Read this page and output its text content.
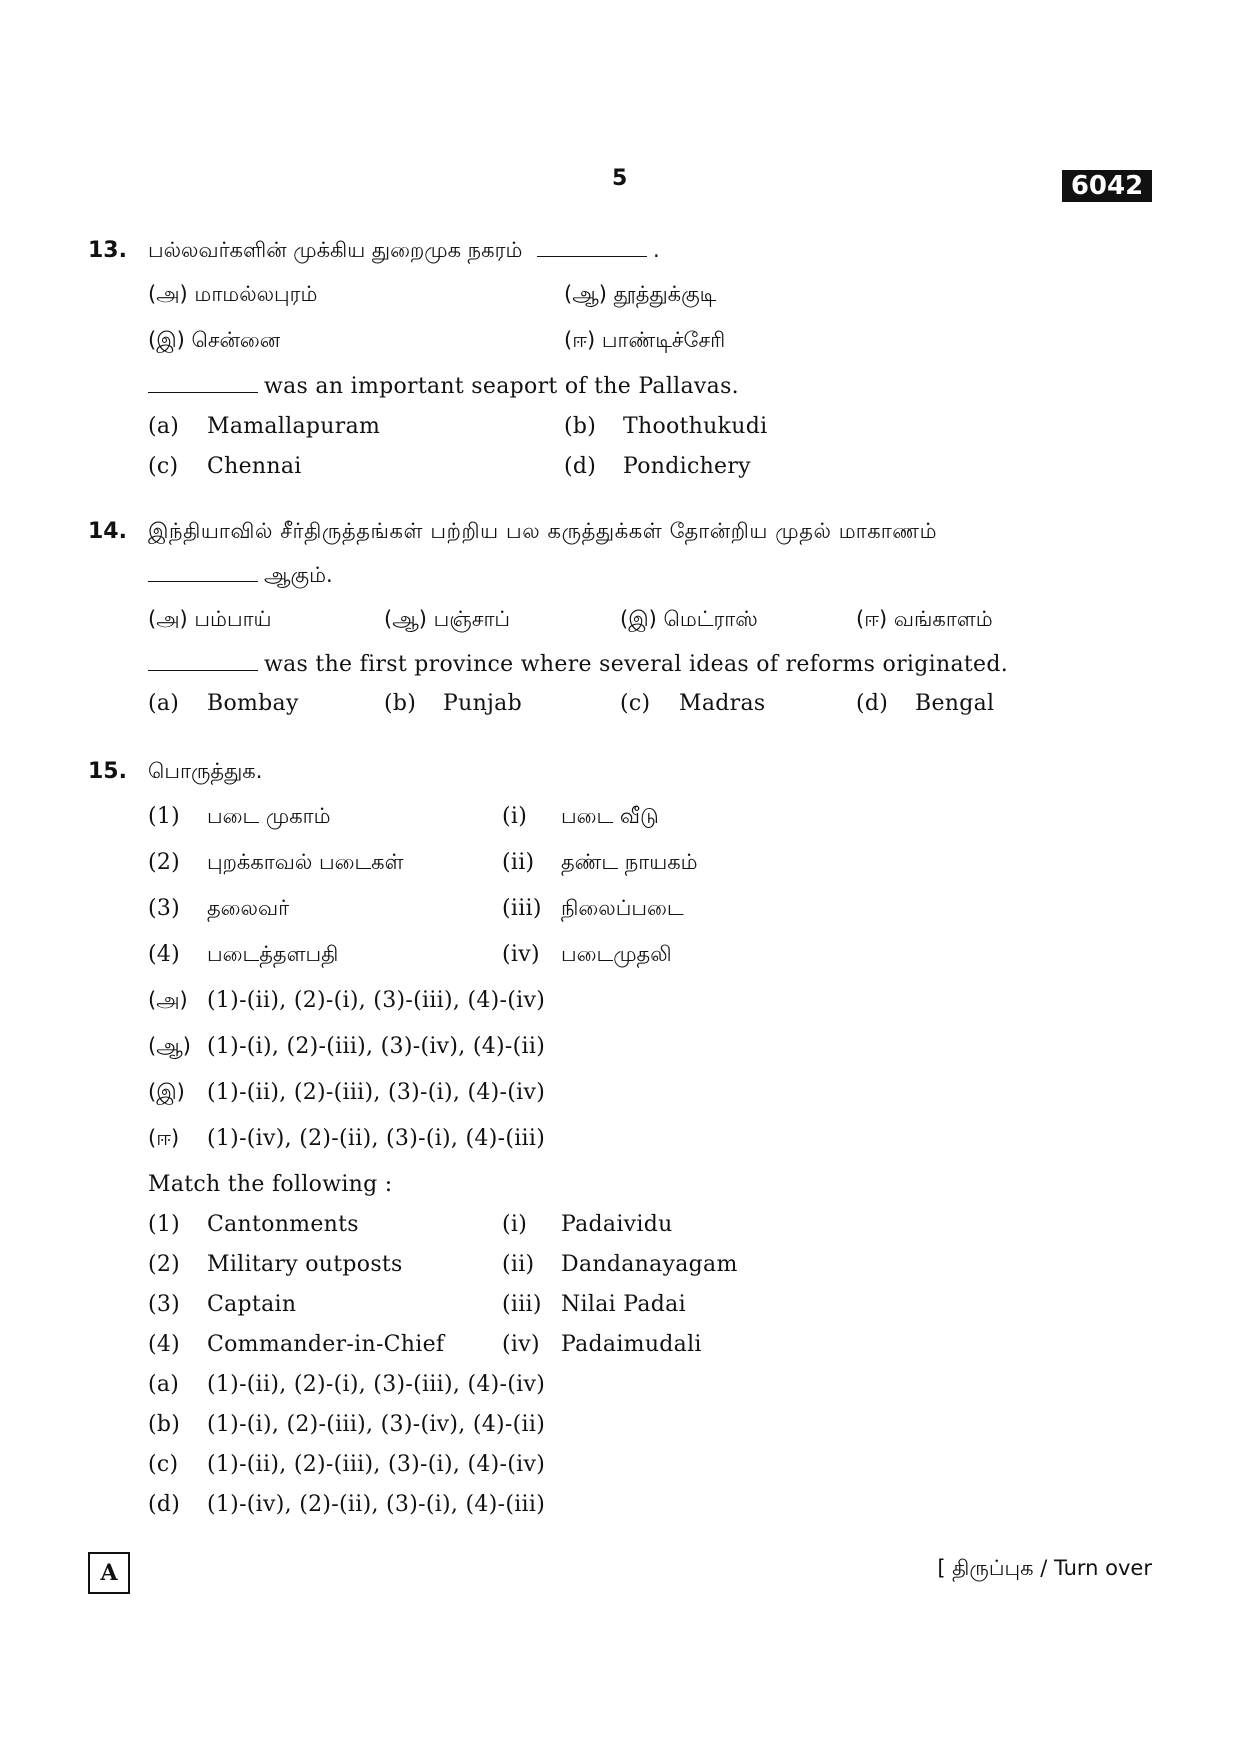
5	6042
13. பல்லவர்களின் முக்கிய துறைமுக நகரம்	.
(அ) மாமல்லபுரம்	(ஆ) தூத்துக்குடி
(இ) சென்னை	(ஈ) பாண்டிச்சேரி
was an important seaport of the Pallavas.
(a) Mamallapuram	(b) Thoothukudi
(c) Chennai	(d) Pondichery
14. இந்தியாவில் சீர்திருத்தங்கள் பற்றிய பல கருத்துக்கள் தோன்றிய முதல் மாகாணம்
ஆகும்.
(அ) பம்பாய்	(ஆ) பஞ்சாப்	(இ) மெட்ராஸ்	(ஈ) வங்காளம்
was the first province where several ideas of reforms originated.
(a) Bombay	(b) Punjab	(c) Madras	(d) Bengal
15. பொருத்துக.
(1) படை முகாம்	(i) படை வீடு
(2) புறக்காவல் படைகள்	(ii) தண்ட நாயகம்
(3) தலைவர்	(iii) நிலைப்படை
(4) படைத்தளபதி	(iv) படைமுதலி
(அ) (1)-(ii), (2)-(i), (3)-(iii), (4)-(iv)
(ஆ) (1)-(i), (2)-(iii), (3)-(iv), (4)-(ii)
(இ) (1)-(ii), (2)-(iii), (3)-(i), (4)-(iv)
(ஈ) (1)-(iv), (2)-(ii), (3)-(i), (4)-(iii)
Match the following :
(1) Cantonments	(i) Padaividu
(2) Military outposts	(ii) Dandanayagam
(3) Captain	(iii) Nilai Padai
(4) Commander-in-Chief	(iv) Padaimudali
(a) (1)-(ii), (2)-(i), (3)-(iii), (4)-(iv)
(b) (1)-(i), (2)-(iii), (3)-(iv), (4)-(ii)
(c) (1)-(ii), (2)-(iii), (3)-(i), (4)-(iv)
(d) (1)-(iv), (2)-(ii), (3)-(i), (4)-(iii)
A	[ திருப்புக / Turn over
